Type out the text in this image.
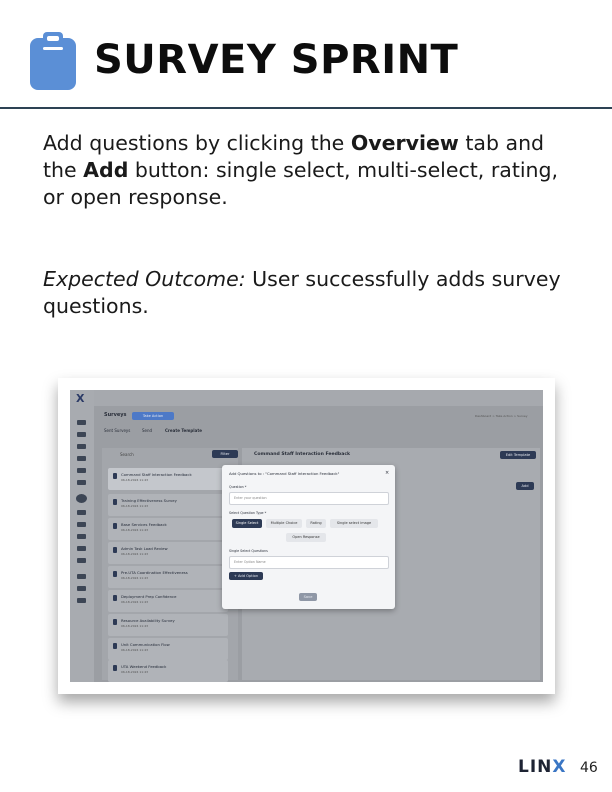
SURVEY SPRINT
Add questions by clicking the Overview tab and the Add button: single select, multi-select, rating, or open response.
Expected Outcome: User successfully adds survey questions.
X
Surveys	Take Action	Dashboard > Take Action > Survey
Sent Surveys	Send	Create Template
Search
Command Staff Interaction Feedback
06-18-2024 11:43
Training Effectiveness Survey
06-18-2024 11:43
Base Services Feedback
06-18-2024 11:43
Admin Task Load Review
06-18-2024 11:43
Pre-UTA Coordination Effectiveness
06-18-2024 11:43
Deployment Prep Confidence
06-18-2024 11:43
Resource Availability Survey
06-18-2024 11:43
Unit Communication Flow
06-18-2024 11:43
UTA Weekend Feedback
06-18-2024 11:43
Command Staff Interaction Feedback	Edit Template
Add
Filter
Add Questions to : "Command Staff Interaction Feedback"	×
Question *
Enter your question
Select Question Type *
Single Select	Multiple Choice	Rating	Single select image
Open Response
Single Select Questions
Enter Option Name
+ Add Option
Save
LINX 46
